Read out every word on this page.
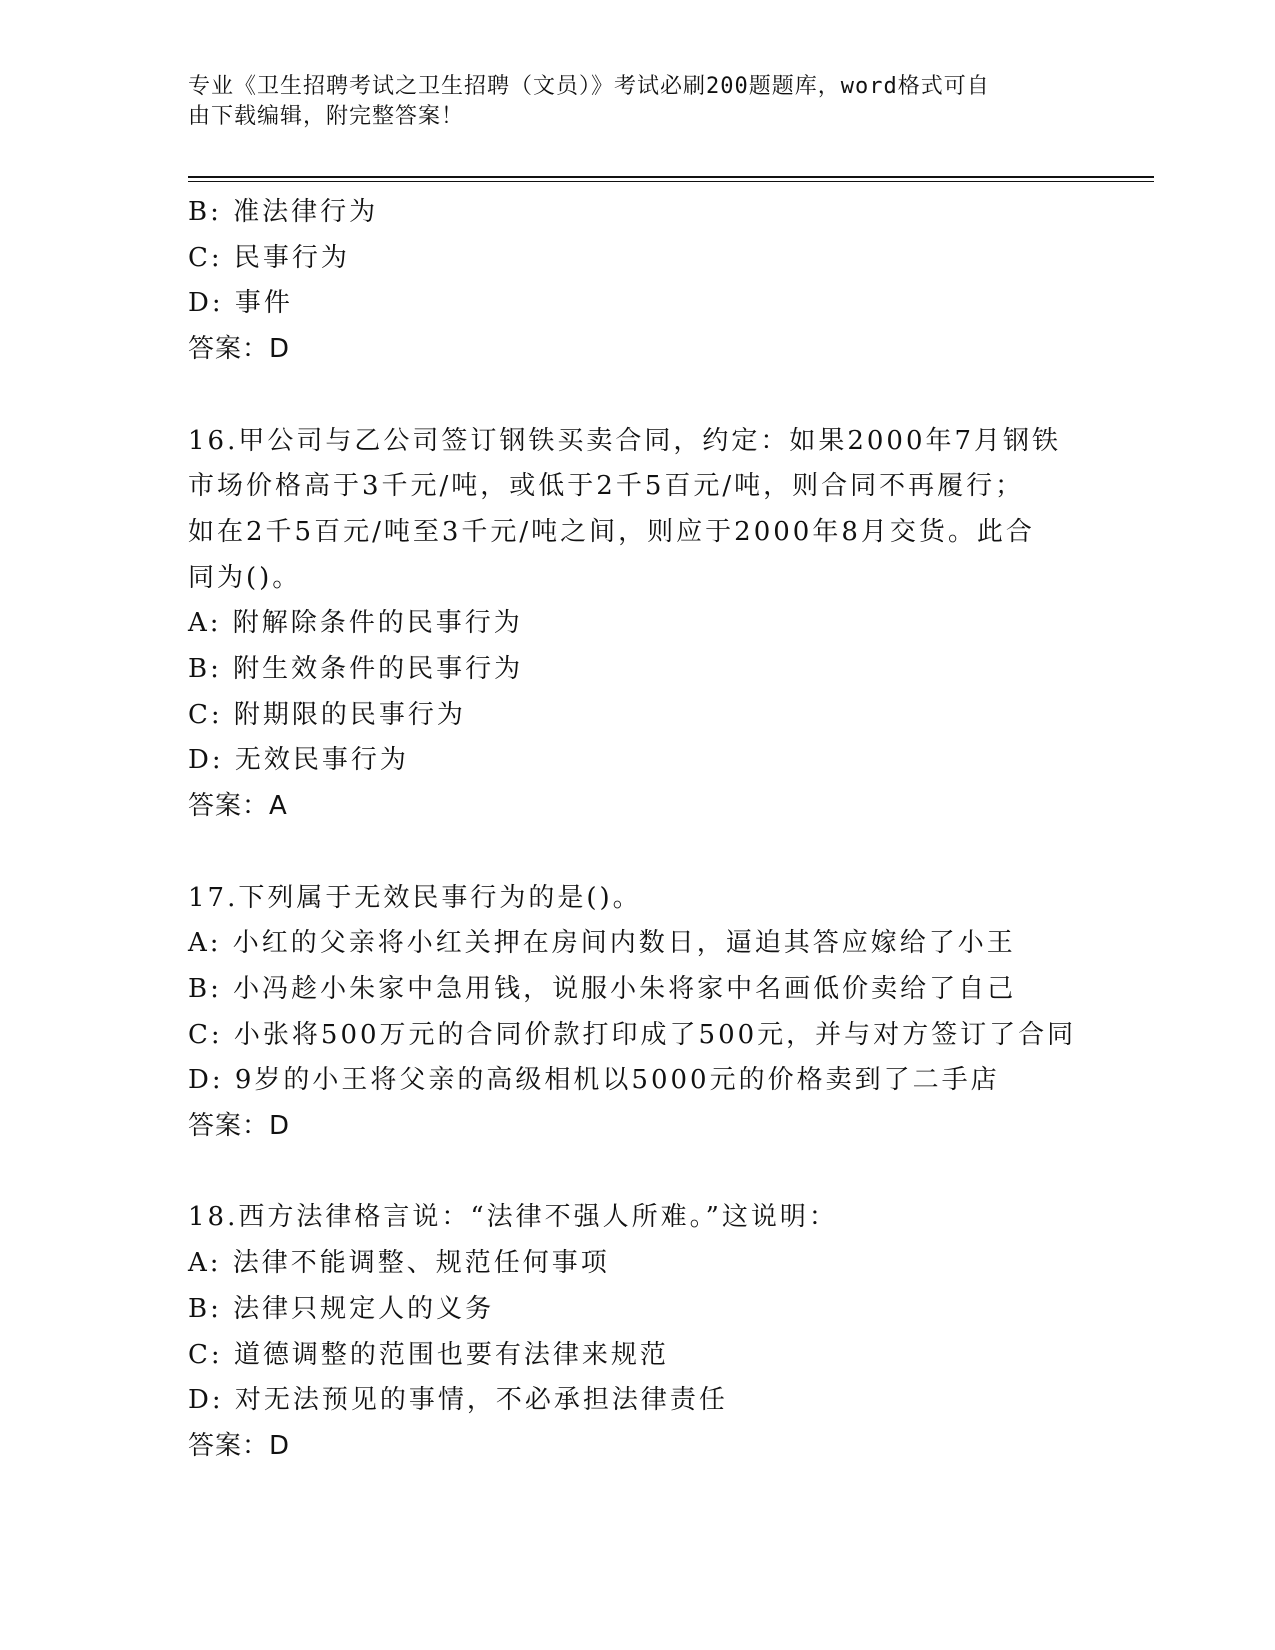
专业《卫生招聘考试之卫生招聘（文员）》考试必刷200题题库，word格式可自
由下载编辑，附完整答案！
B: 准法律行为
C: 民事行为
D: 事件
答案：D
16.甲公司与乙公司签订钢铁买卖合同，约定：如果2000年7月钢铁
市场价格高于3千元/吨，或低于2千5百元/吨，则合同不再履行；
如在2千5百元/吨至3千元/吨之间，则应于2000年8月交货。此合
同为()。
A: 附解除条件的民事行为
B: 附生效条件的民事行为
C: 附期限的民事行为
D: 无效民事行为
答案：A
17.下列属于无效民事行为的是()。
A: 小红的父亲将小红关押在房间内数日，逼迫其答应嫁给了小王
B: 小冯趁小朱家中急用钱，说服小朱将家中名画低价卖给了自己
C: 小张将500万元的合同价款打印成了500元，并与对方签订了合同
D: 9岁的小王将父亲的高级相机以5000元的价格卖到了二手店
答案：D
18.西方法律格言说：“法律不强人所难。”这说明：
A: 法律不能调整、规范任何事项
B: 法律只规定人的义务
C: 道德调整的范围也要有法律来规范
D: 对无法预见的事情，不必承担法律责任
答案：D
